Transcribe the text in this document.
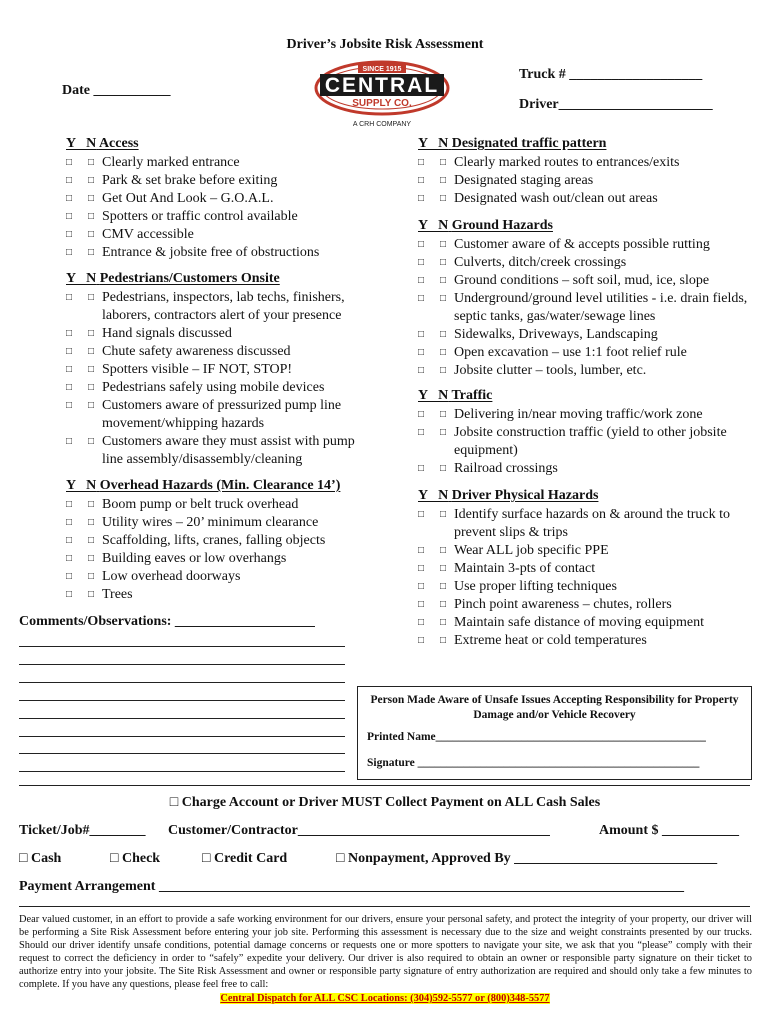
Driver’s Jobsite Risk Assessment
Date ___________
Truck # ___________________
Driver______________________
SINCE 1915
CENTRAL
SUPPLY CO.
A CRH COMPANY
Y   N Access
□	□ Clearly marked entrance
□	□ Park & set brake before exiting
□	□ Get Out And Look – G.O.A.L.
□	□ Spotters or traffic control available
□	□ CMV accessible
□	□ Entrance & jobsite free of obstructions
Y   N Pedestrians/Customers Onsite
□	□ Pedestrians, inspectors, lab techs, finishers, laborers, contractors alert of your presence
□	□ Hand signals discussed
□	□ Chute safety awareness discussed
□	□ Spotters visible – IF NOT, STOP!
□	□ Pedestrians safely using mobile devices
□	□ Customers aware of pressurized pump line movement/whipping hazards
□	□ Customers aware they must assist with pump line assembly/disassembly/cleaning
Y   N Overhead Hazards (Min. Clearance 14’)
□	□ Boom pump or belt truck overhead
□	□ Utility wires – 20’ minimum clearance
□	□ Scaffolding, lifts, cranes, falling objects
□	□ Building eaves or low overhangs
□	□ Low overhead doorways
□	□ Trees
Y   N Designated traffic pattern
□	□ Clearly marked routes to entrances/exits
□	□ Designated staging areas
□	□ Designated wash out/clean out areas
Y   N Ground Hazards
□	□ Customer aware of & accepts possible rutting
□	□ Culverts, ditch/creek crossings
□	□ Ground conditions – soft soil, mud, ice, slope
□	□ Underground/ground level utilities - i.e. drain fields, septic tanks, gas/water/sewage lines
□	□ Sidewalks, Driveways, Landscaping
□	□ Open excavation – use 1:1 foot relief rule
□	□ Jobsite clutter – tools, lumber, etc.
Y   N Traffic
□	□ Delivering in/near moving traffic/work zone
□	□ Jobsite construction traffic (yield to other jobsite equipment)
□	□ Railroad crossings
Y   N Driver Physical Hazards
□	□ Identify surface hazards on & around the truck to prevent slips & trips
□	□ Wear ALL job specific PPE
□	□ Maintain 3-pts of contact
□	□ Use proper lifting techniques
□	□ Pinch point awareness – chutes, rollers
□	□ Maintain safe distance of moving equipment
□	□ Extreme heat or cold temperatures
Comments/Observations: ____________________
Person Made Aware of Unsafe Issues Accepting Responsibility for Property Damage and/or Vehicle Recovery
Printed Name_______________________________________________
Signature _________________________________________________
□ Charge Account or Driver MUST Collect Payment on ALL Cash Sales
Ticket/Job#________ Customer/Contractor____________________________________	Amount $ ___________
□ Cash	□ Check	□ Credit Card	□ Nonpayment, Approved By _____________________________
Payment Arrangement ___________________________________________________________________________
Dear valued customer, in an effort to provide a safe working environment for our drivers, ensure your personal safety, and protect the integrity of your property, our driver will be performing a Site Risk Assessment before entering your job site. Performing this assessment is necessary due to the size and weight constraints presented by our trucks. Should our driver identify unsafe conditions, potential damage concerns or requests one or more spotters to navigate your site, we ask that you “please” comply with their request to correct the deficiency in order to “safely” expedite your delivery. Our driver is also required to obtain an owner or responsible party signature on their ticket to authorize entry into your jobsite. The Site Risk Assessment and owner or responsible party signature of entry authorization are required and should only take a few minutes to complete. If you have any questions, please feel free to call:
Central Dispatch for ALL CSC Locations: (304)592-5577 or (800)348-5577
